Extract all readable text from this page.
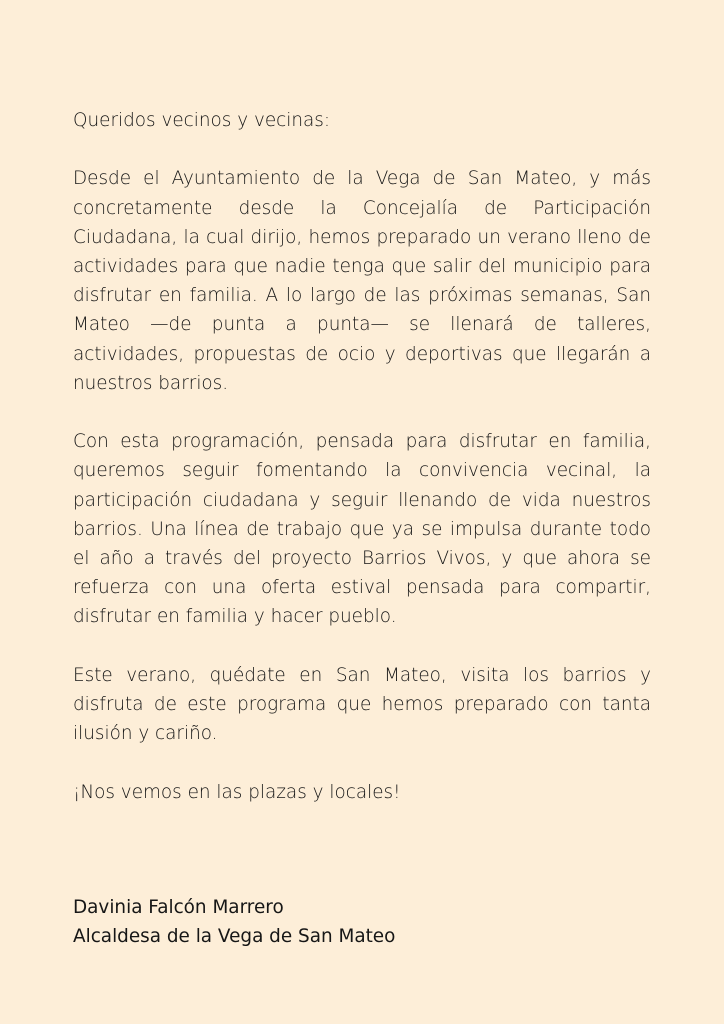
Queridos vecinos y vecinas:

Desde el Ayuntamiento de la Vega de San Mateo, y más concretamente desde la Concejalía de Participación Ciudadana, la cual dirijo, hemos preparado un verano lleno de actividades para que nadie tenga que salir del municipio para disfrutar en familia. A lo largo de las próximas semanas, San Mateo —de punta a punta— se llenará de talleres, actividades, propuestas de ocio y deportivas que llegarán a nuestros barrios.

Con esta programación, pensada para disfrutar en familia, queremos seguir fomentando la convivencia vecinal, la participación ciudadana y seguir llenando de vida nuestros barrios. Una línea de trabajo que ya se impulsa durante todo el año a través del proyecto Barrios Vivos, y que ahora se refuerza con una oferta estival pensada para compartir, disfrutar en familia y hacer pueblo.

Este verano, quédate en San Mateo, visita los barrios y disfruta de este programa que hemos preparado con tanta ilusión y cariño.

¡Nos vemos en las plazas y locales!

Davinia Falcón Marrero

Alcaldesa de la Vega de San Mateo
